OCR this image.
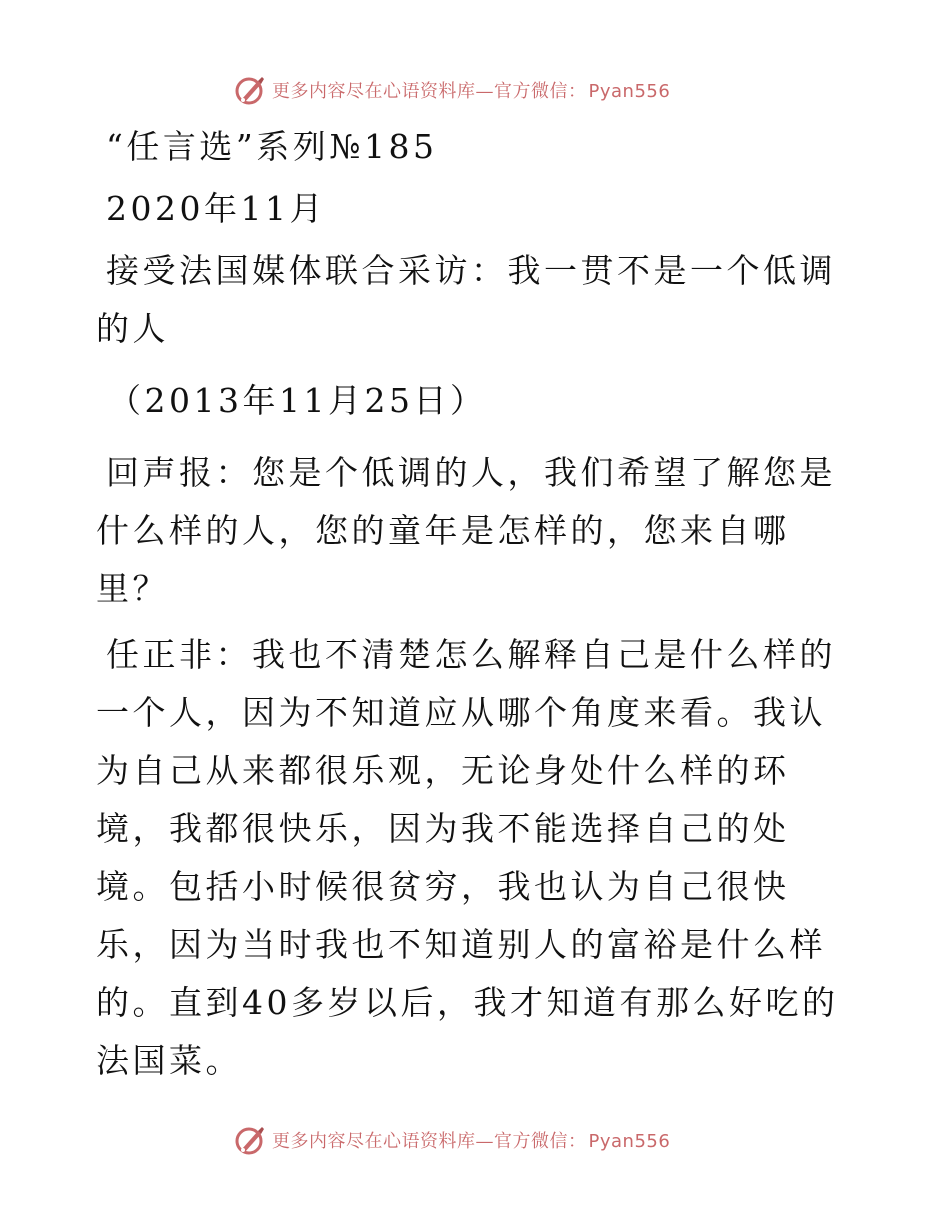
更多内容尽在心语资料库—官方微信： Pyan556

“任言选”系列№185

2020年11月

接受法国媒体联合采访：我一贯不是一个低调的人

（2013年11月25日）

回声报：您是个低调的人，我们希望了解您是什么样的人，您的童年是怎样的，您来自哪里？

任正非：我也不清楚怎么解释自己是什么样的一个人，因为不知道应从哪个角度来看。我认为自己从来都很乐观，无论身处什么样的环境，我都很快乐，因为我不能选择自己的处境。包括小时候很贫穷，我也认为自己很快乐，因为当时我也不知道别人的富裕是什么样的。直到40多岁以后，我才知道有那么好吃的法国菜。

更多内容尽在心语资料库—官方微信： Pyan556
